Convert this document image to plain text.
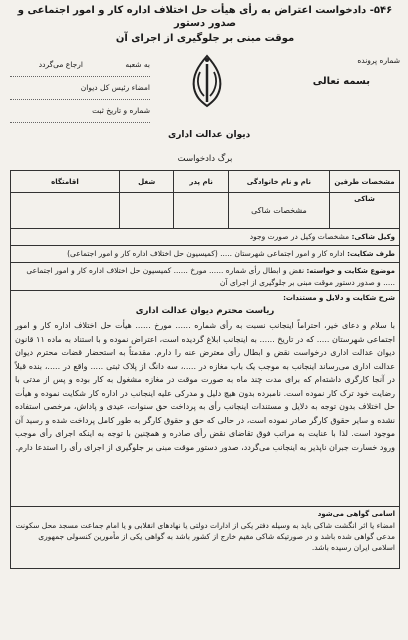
۵۴۶- دادخواست اعتراض به رأی هیأت حل اختلاف اداره کار و امور اجتماعی و صدور دستور
موقت مبنی بر جلوگیری از اجرای آن
شماره پرونده
بسمه تعالی
دیوان عدالت اداری
به شعبه ارجاع می‌گردد
امضاء رئیس کل دیوان
شماره و تاریخ ثبت
برگ دادخواست
مشخصات طرفین	نام و نام خانوادگی	نام پدر	شغل	اقامتگاه
شاکی	مشخصات شاکی			
وکیل شاکی: مشخصات وکیل در صورت وجود
طرف شکایت: اداره کار و امور اجتماعی شهرستان ..... (کمیسیون حل اختلاف اداره کار و امور اجتماعی)
موضوع شکایت و خواسته: نقض و ابطال رأی شماره ...... مورخ ...... کمیسیون حل اختلاف اداره کار و امور اجتماعی ..... و صدور دستور موقت مبنی بر جلوگیری از اجرای آن
شرح شکایت و دلایل و مستندات:
ریاست محترم دیوان عدالت اداری
با سلام و دعای خیر، احتراماً اینجانب نسبت به رأی شماره ...... مورخ ...... هیأت حل اختلاف اداره کار و امور اجتماعی شهرستان ..... که در تاریخ ...... به اینجانب ابلاغ گردیده است، اعتراض نموده و با استناد به ماده ۱۱ قانون دیوان عدالت اداری درخواست نقض و ابطال رأی معترض عنه را دارم. مقدمتاً به استحضار قضات محترم دیوان عدالت اداری می‌رساند اینجانب به موجب یک باب مغازه در .....، سه دانگ از پلاک ثبتی ..... واقع در .....، بنده قبلاً در آنجا کارگری داشته‌ام که برای مدت چند ماه به صورت موقت در مغازه مشغول به کار بوده و پس از مدتی با رضایت خود ترک کار نموده است. نامبرده بدون هیچ دلیل و مدرکی علیه اینجانب در اداره کار شکایت نموده و هیأت حل اختلاف بدون توجه به دلایل و مستندات اینجانب رأی به پرداخت حق سنوات، عیدی و پاداش، مرخصی استفاده نشده و سایر حقوق کارگر صادر نموده است، در حالی که حق و حقوق کارگر به طور کامل پرداخت شده و رسید آن موجود است. لذا با عنایت به مراتب فوق تقاضای نقض رأی صادره و همچنین با توجه به اینکه اجرای رأی موجب ورود خسارت جبران ناپذیر به اینجانب می‌گردد، صدور دستور موقت مبنی بر جلوگیری از اجرای رأی را استدعا دارم.
اسامی گواهی می‌شود
امضاء یا اثر انگشت شاکی باید به وسیله دفتر یکی از ادارات دولتی یا نهادهای انقلابی و یا امام جماعت مسجد محل سکونت مدعی گواهی شده باشد و در صورتیکه شاکی مقیم خارج از کشور باشد به گواهی یکی از مأمورین کنسولی جمهوری اسلامی ایران رسیده باشد.
